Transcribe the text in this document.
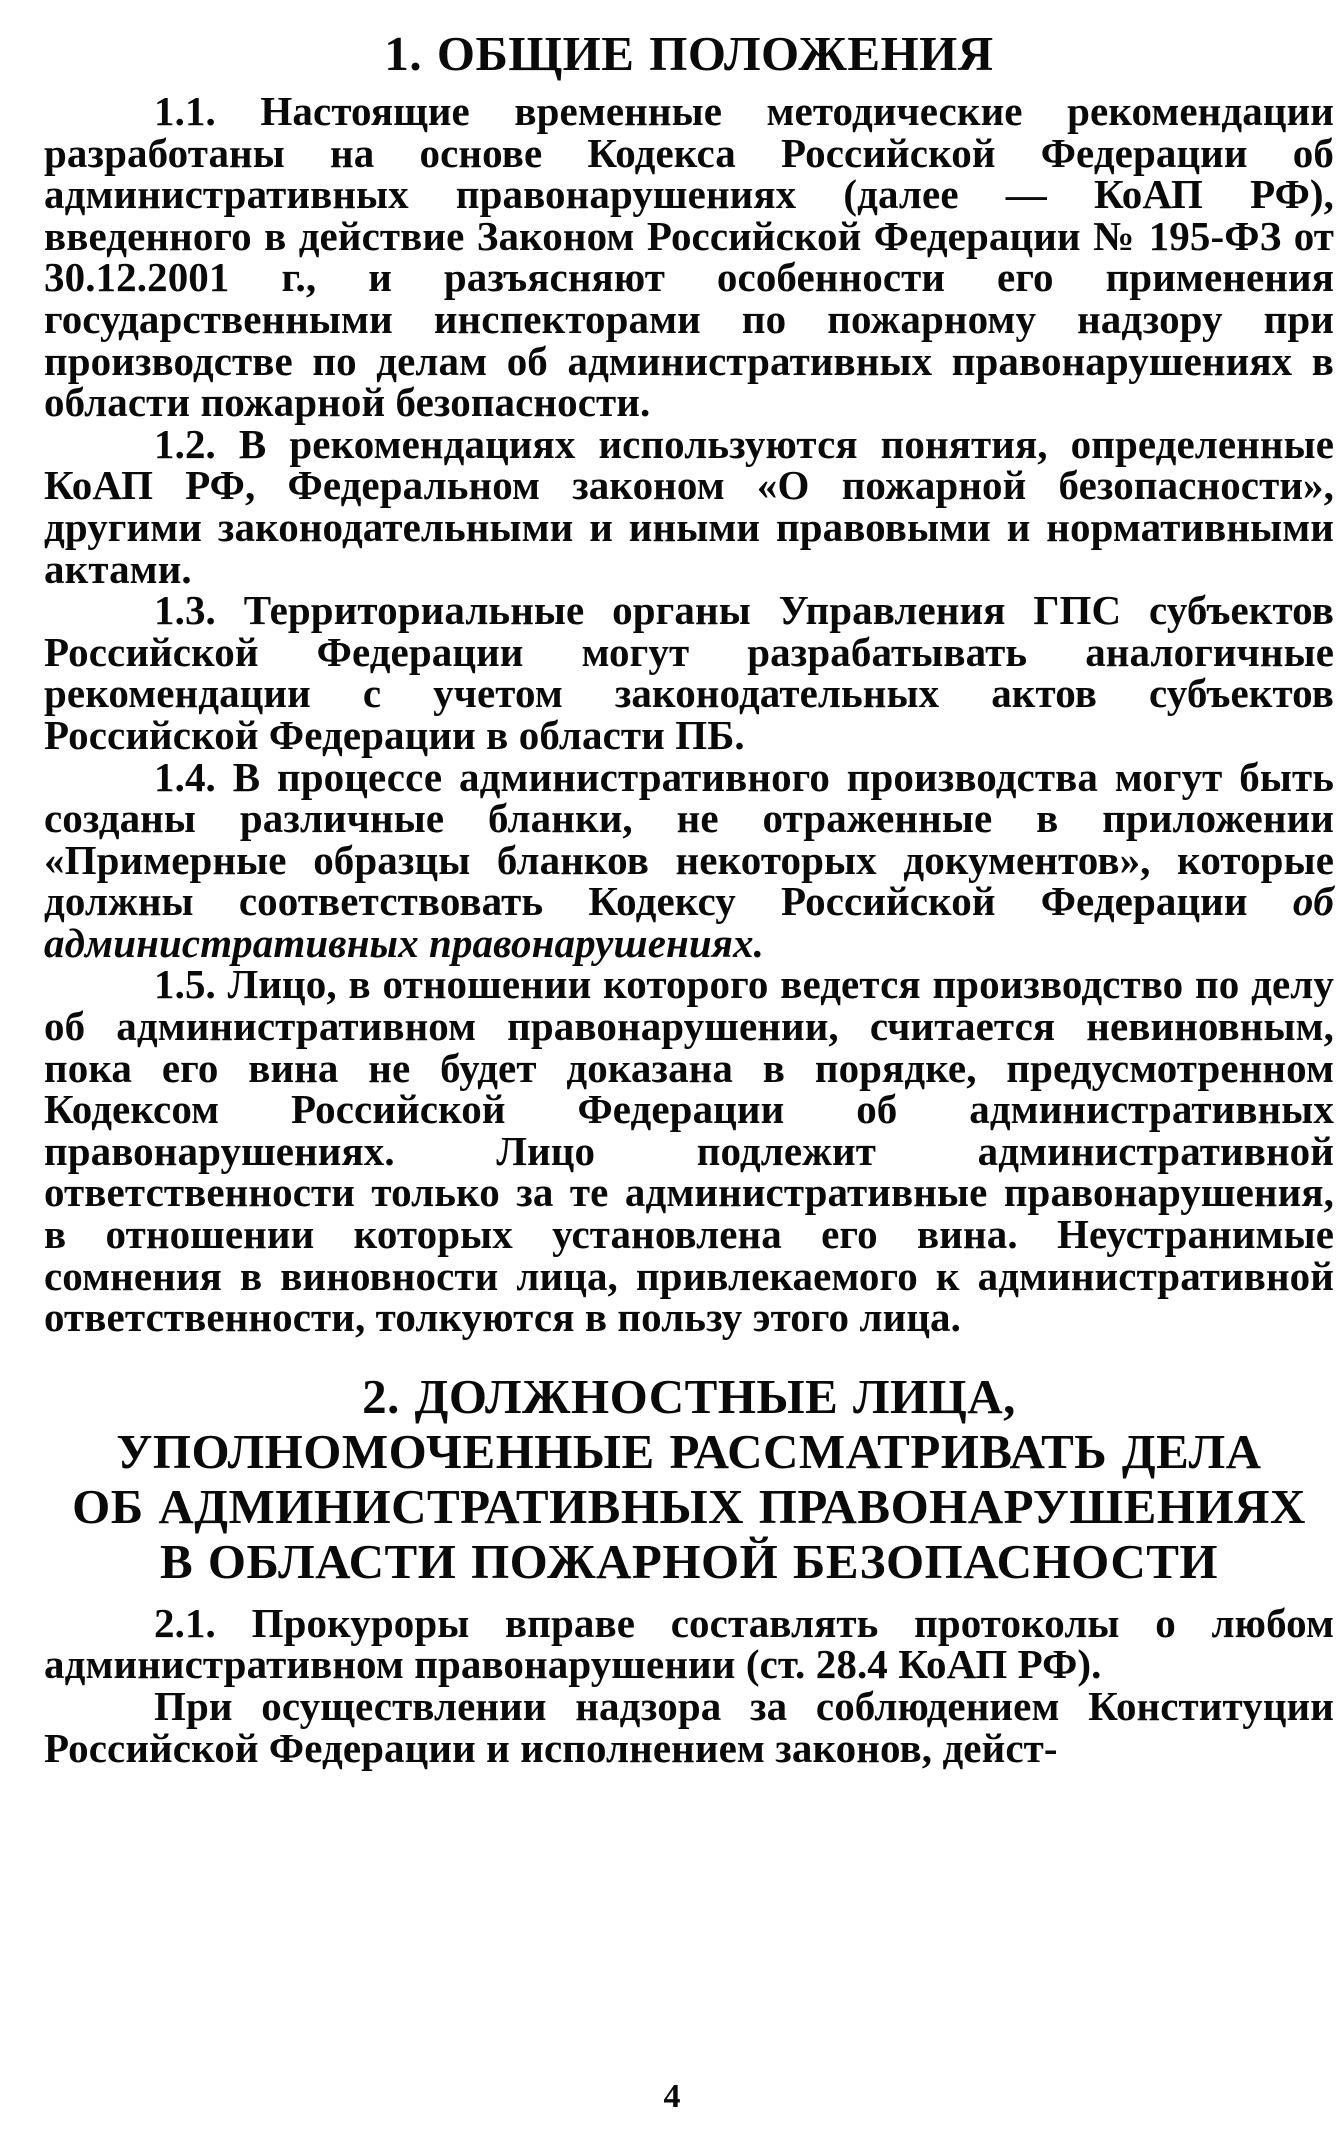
1. ОБЩИЕ ПОЛОЖЕНИЯ

1.1. Настоящие временные методические рекомендации разработаны на основе Кодекса Российской Федерации об административных правонарушениях (далее — КоАП РФ), введенного в действие Законом Российской Федерации № 195-ФЗ от 30.12.2001 г., и разъясняют особенности его применения государственными инспекторами по пожарному надзору при производстве по делам об административных правонарушениях в области пожарной безопасности.

1.2. В рекомендациях используются понятия, определенные КоАП РФ, Федеральном законом «О пожарной безопасности», другими законодательными и иными правовыми и нормативными актами.

1.3. Территориальные органы Управления ГПС субъектов Российской Федерации могут разрабатывать аналогичные рекомендации с учетом законодательных актов субъектов Российской Федерации в области ПБ.

1.4. В процессе административного производства могут быть созданы различные бланки, не отраженные в приложении «Примерные образцы бланков некоторых документов», которые должны соответствовать Кодексу Российской Федерации об административных правонарушениях.

1.5. Лицо, в отношении которого ведется производство по делу об административном правонарушении, считается невиновным, пока его вина не будет доказана в порядке, предусмотренном Кодексом Российской Федерации об административных правонарушениях. Лицо подлежит административной ответственности только за те административные правонарушения, в отношении которых установлена его вина. Неустранимые сомнения в виновности лица, привлекаемого к административной ответственности, толкуются в пользу этого лица.

2. ДОЛЖНОСТНЫЕ ЛИЦА,
УПОЛНОМОЧЕННЫЕ РАССМАТРИВАТЬ ДЕЛА
ОБ АДМИНИСТРАТИВНЫХ ПРАВОНАРУШЕНИЯХ
В ОБЛАСТИ ПОЖАРНОЙ БЕЗОПАСНОСТИ

2.1. Прокуроры вправе составлять протоколы о любом административном правонарушении (ст. 28.4 КоАП РФ).

При осуществлении надзора за соблюдением Конституции Российской Федерации и исполнением законов, дейст-

4
